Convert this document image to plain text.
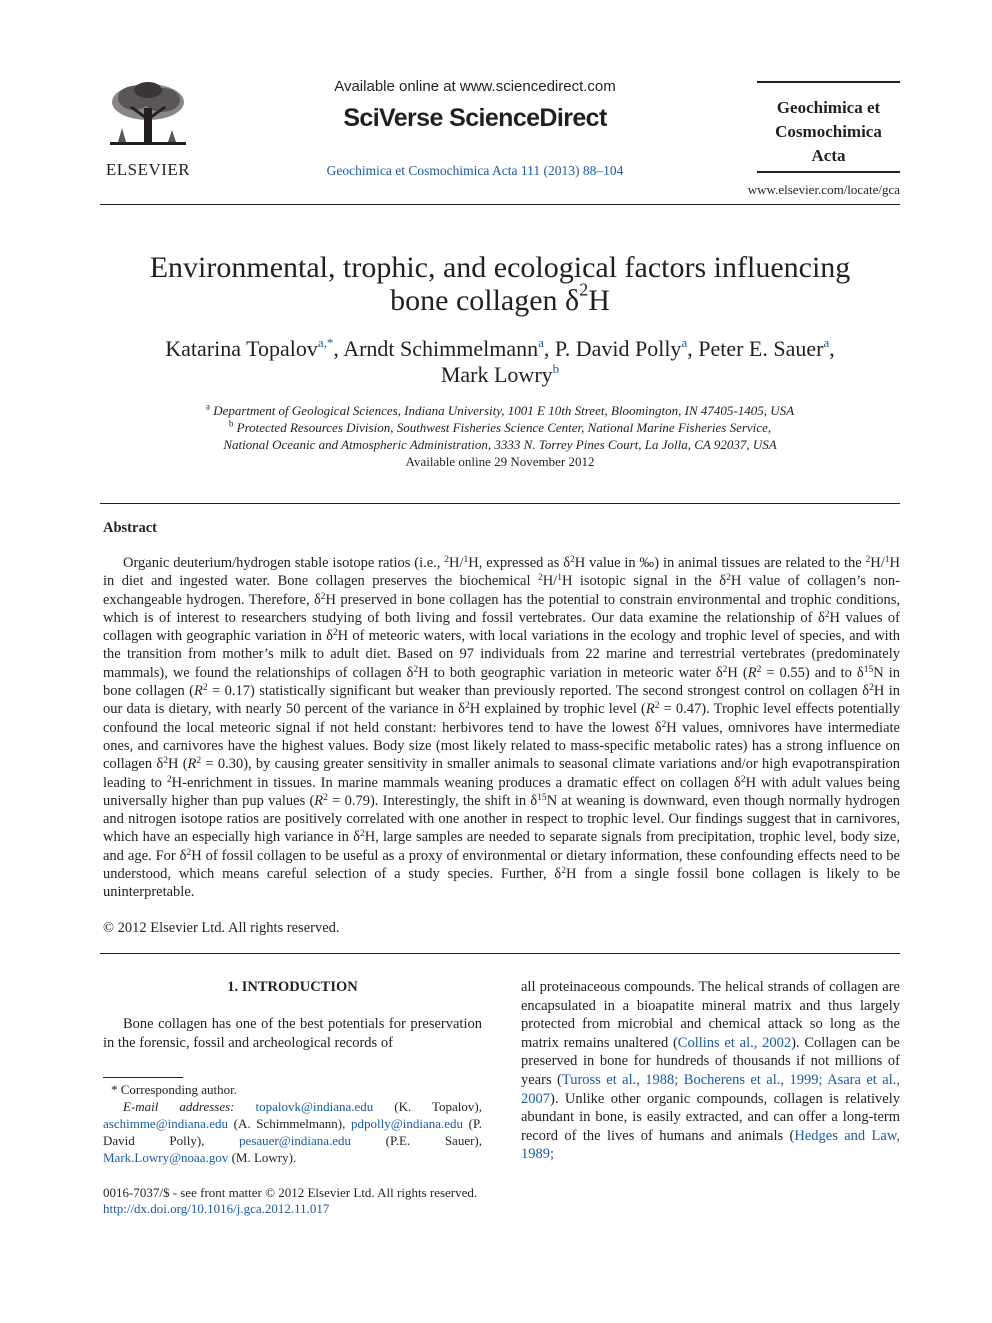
ELSEVIER
Available online at www.sciencedirect.com
SciVerse ScienceDirect
Geochimica et Cosmochimica Acta 111 (2013) 88–104
Geochimica et
Cosmochimica
Acta
www.elsevier.com/locate/gca
Environmental, trophic, and ecological factors influencing
bone collagen $\delta^2H$
Katarina Topalov$^{a,*}$, Arndt Schimmelmann$^a$, P. David Polly$^a$, Peter E. Sauer$^a$,
Mark Lowry$^b$
$^a$ Department of Geological Sciences, Indiana University, 1001 E 10th Street, Bloomington, IN 47405-1405, USA
$^b$ Protected Resources Division, Southwest Fisheries Science Center, National Marine Fisheries Service,
National Oceanic and Atmospheric Administration, 3333 N. Torrey Pines Court, La Jolla, CA 92037, USA
Available online 29 November 2012
Abstract
Organic deuterium/hydrogen stable isotope ratios (i.e., $^2$H/$^1$H, expressed as $\delta^2H$ value in ‰) in animal tissues are related to the $^2$H/$^1$H in diet and ingested water. Bone collagen preserves the biochemical $^2$H/$^1$H isotopic signal in the $\delta^2H$ value of collagen’s non-exchangeable hydrogen. Therefore, $\delta^2H$ preserved in bone collagen has the potential to constrain environmental and trophic conditions, which is of interest to researchers studying of both living and fossil vertebrates. Our data examine the relationship of $\delta^2H$ values of collagen with geographic variation in $\delta^2H$ of meteoric waters, with local variations in the ecology and trophic level of species, and with the transition from mother’s milk to adult diet. Based on 97 individuals from 22 marine and terrestrial vertebrates (predominately mammals), we found the relationships of collagen $\delta^2H$ to both geographic variation in meteoric water $\delta^2H$ $(R^2 = 0.55)$ and to $\delta^{15}N$ in bone collagen $(R^2 = 0.17)$ statistically significant but weaker than previously reported. The second strongest control on collagen $\delta^2H$ in our data is dietary, with nearly 50 percent of the variance in $\delta^2H$ explained by trophic level $(R^2 = 0.47)$. Trophic level effects potentially confound the local meteoric signal if not held constant: herbivores tend to have the lowest $\delta^2H$ values, omnivores have intermediate ones, and carnivores have the highest values. Body size (most likely related to mass-specific metabolic rates) has a strong influence on collagen $\delta^2H$ $(R^2 = 0.30)$, by causing greater sensitivity in smaller animals to seasonal climate variations and/or high evapotranspiration leading to $^2$H-enrichment in tissues. In marine mammals weaning produces a dramatic effect on collagen $\delta^2H$ with adult values being universally higher than pup values $(R^2 = 0.79)$. Interestingly, the shift in $\delta^{15}N$ at weaning is downward, even though normally hydrogen and nitrogen isotope ratios are positively correlated with one another in respect to trophic level. Our findings suggest that in carnivores, which have an especially high variance in $\delta^2H$, large samples are needed to separate signals from precipitation, trophic level, body size, and age. For $\delta^2H$ of fossil collagen to be useful as a proxy of environmental or dietary information, these confounding effects need to be understood, which means careful selection of a study species. Further, $\delta^2H$ from a single fossil bone collagen is likely to be uninterpretable.
© 2012 Elsevier Ltd. All rights reserved.
1. INTRODUCTION
Bone collagen has one of the best potentials for preservation in the forensic, fossil and archeological records of
* Corresponding author.
E-mail addresses: topalovk@indiana.edu (K. Topalov), aschimme@indiana.edu (A. Schimmelmann), pdpolly@indiana.edu (P. David Polly),	pesauer@indiana.edu	(P.E. Sauer), Mark.Lowry@noaa.gov (M. Lowry).
0016-7037/$ - see front matter © 2012 Elsevier Ltd. All rights reserved.
http://dx.doi.org/10.1016/j.gca.2012.11.017
all proteinaceous compounds. The helical strands of collagen are encapsulated in a bioapatite mineral matrix and thus largely protected from microbial and chemical attack so long as the matrix remains unaltered (Collins et al., 2002). Collagen can be preserved in bone for hundreds of thousands if not millions of years (Tuross et al., 1988; Bocherens et al., 1999; Asara et al., 2007). Unlike other organic compounds, collagen is relatively abundant in bone, is easily extracted, and can offer a long-term record of the lives of humans and animals (Hedges and Law, 1989;
